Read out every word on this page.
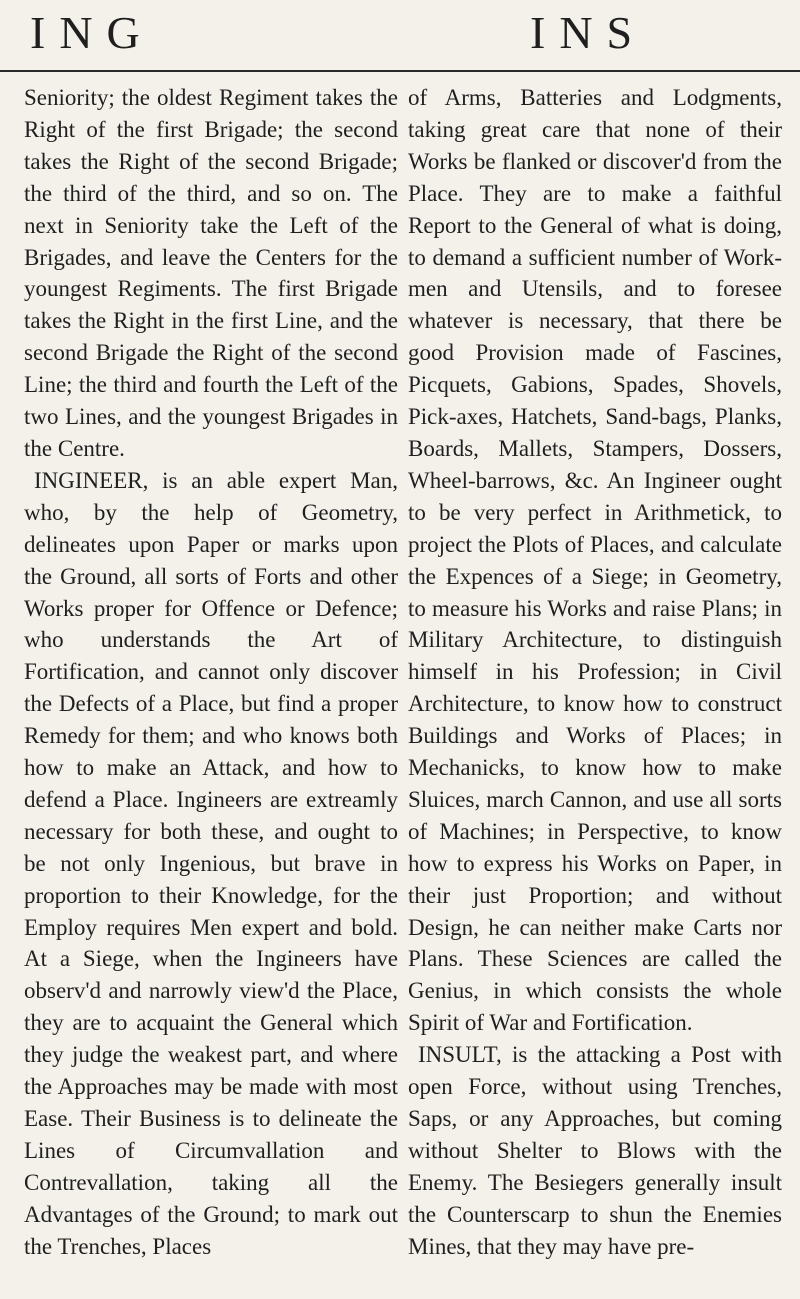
ING	INS

Seniority; the oldest Regiment takes the Right of the first Brigade; the second takes the Right of the second Brigade; the third of the third, and so on. The next in Seniority take the Left of the Brigades, and leave the Centers for the youngest Regiments. The first Brigade takes the Right in the first Line, and the second Brigade the Right of the second Line; the third and fourth the Left of the two Lines, and the youngest Brigades in the Centre.

INGINEER, is an able expert Man, who, by the help of Geometry, delineates upon Paper or marks upon the Ground, all sorts of Forts and other Works proper for Offence or Defence; who understands the Art of Fortification, and cannot only discover the Defects of a Place, but find a proper Remedy for them; and who knows both how to make an Attack, and how to defend a Place. Ingineers are extreamly necessary for both these, and ought to be not only Ingenious, but brave in proportion to their Knowledge, for the Employ requires Men expert and bold. At a Siege, when the Ingineers have observ'd and narrowly view'd the Place, they are to acquaint the General which they judge the weakest part, and where the Approaches may be made with most Ease. Their Business is to delineate the Lines of Circumvallation and Contrevallation, taking all the Advantages of the Ground; to mark out the Trenches, Places

of Arms, Batteries and Lodgments, taking great care that none of their Works be flanked or discover'd from the Place. They are to make a faithful Report to the General of what is doing, to demand a sufficient number of Work-men and Utensils, and to foresee whatever is necessary, that there be good Provision made of Fascines, Picquets, Gabions, Spades, Shovels, Pick-axes, Hatchets, Sand-bags, Planks, Boards, Mallets, Stampers, Dossers, Wheel-barrows, &c. An Ingineer ought to be very perfect in Arithmetick, to project the Plots of Places, and calculate the Expences of a Siege; in Geometry, to measure his Works and raise Plans; in Military Architecture, to distinguish himself in his Profession; in Civil Architecture, to know how to construct Buildings and Works of Places; in Mechanicks, to know how to make Sluices, march Cannon, and use all sorts of Machines; in Perspective, to know how to express his Works on Paper, in their just Proportion; and without Design, he can neither make Carts nor Plans. These Sciences are called the Genius, in which consists the whole Spirit of War and Fortification.

INSULT, is the attacking a Post with open Force, without using Trenches, Saps, or any Approaches, but coming without Shelter to Blows with the Enemy. The Besiegers generally insult the Counterscarp to shun the Enemies Mines, that they may have pre-
